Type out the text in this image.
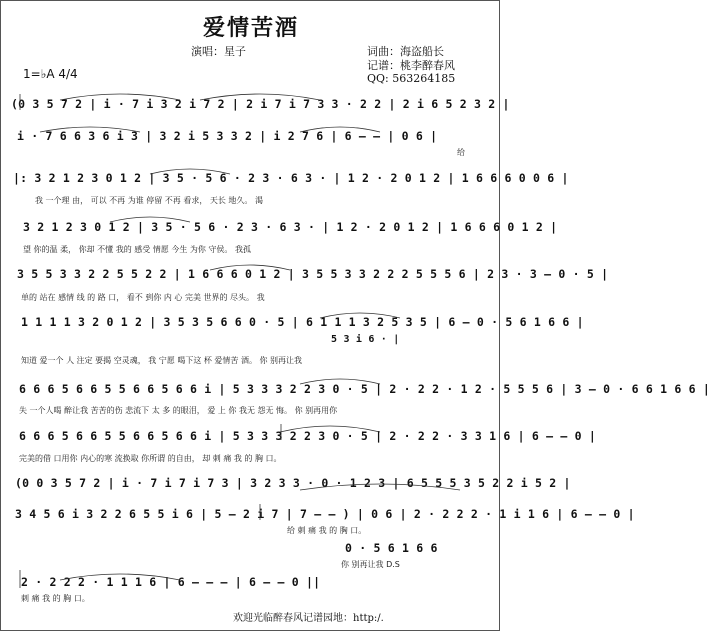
爱情苦酒
演唱：星子	词曲：海盗船长
记谱：桃李醉春风
QQ: 563264185
1=♭A 4/4
(0 3 5 7 2 | i · 7 i 3 2 i 7 2 | 2 i 7 i 7 3 3 · 2 2 | 2 i 6 5 2 3 2 |
i · 7 6 6 3 6 i 3 | 3 2 i 5 3 3 2 | i 2 7 6 | 6 – – | 0 6 |
给
|: 3 2 1 2 3 0 1 2 | 3 5 · 5 6 · 2 3 · 6 3 · | 1 2 · 2 0 1 2 | 1 6 6 6 0 0 6 |
我 一个理 由， 可以 不再 为谁 停留 不再 看求， 天长 地久。 渴
3 2 1 2 3 0 1 2 | 3 5 · 5 6 · 2 3 · 6 3 · | 1 2 · 2 0 1 2 | 1 6 6 6 0 1 2 |
望 你的温 柔， 你却 不懂 我的 感受 情愿 今生 为你 守侯。 我孤
3 5 5 3 3 2 2 5 5 2 2 | 1 6 6 6 0 1 2 | 3 5 5 3 3 2 2 2 5 5 5 6 | 2 3 · 3 – 0 · 5 |
单的 站在 感情 线 的 路 口， 看不 到你 内 心 完美 世界的 尽头。 我
1 1 1 1 3 2 0 1 2 | 3 5 3 5 6 6 0 · 5 | 6 1 1 1 3 2 5 3 5 | 6 – 0 · 5 6 1 6 6 |
5 3 i 6 · |
知道 爱一个 人 注定 要揭 空灵魂， 我 宁愿 喝下这 杯 爱情苦 酒。 你 别再让我
6 6 6 5 6 6 5 5 6 6 5 6 6 i | 5 3 3 3 2 2 3 0 · 5 | 2 · 2 2 · 1 2 · 5 5 5 6 | 3 – 0 · 6 6 1 6 6 |
失 一个人喝 醉让我 苦苦的伤 悲流下 太 多 的眼泪， 爱 上 你 我无 怨无 悔。 你 别再用你
6 6 6 5 6 6 5 5 6 6 5 6 6 i | 5 3 3 3 2 2 3 0 · 5 | 2 · 2 2 · 3 3 1 6 | 6 – – 0 |
完美的借 口用你 内心的寒 流换取 你所谓 的自由， 却 刺 痛 我 的 胸 口。
(0 0 3 5 7 2 | i · 7 i 7 i 7 3 | 3 2 3 3 · 0 · 1 2 3 | 6 5 5 5 3 5 2 2 i 5 2 |
3 4 5 6 i 3 2 2 6 5 5 i 6 | 5 – 2 i 7 | 7 – – ) | 0 6 | 2 · 2 2 2 · 1 i 1 6 | 6 – – 0 |
给 刺 痛 我 的 胸 口。
0 · 5 6 1 6 6
你 别再让我 D.S
2 · 2 2 2 · 1 1 1 6 | 6 – – – | 6 – – 0 ||
刺 痛 我 的 胸 口。
欢迎光临醉春风记谱园地：http:/.
